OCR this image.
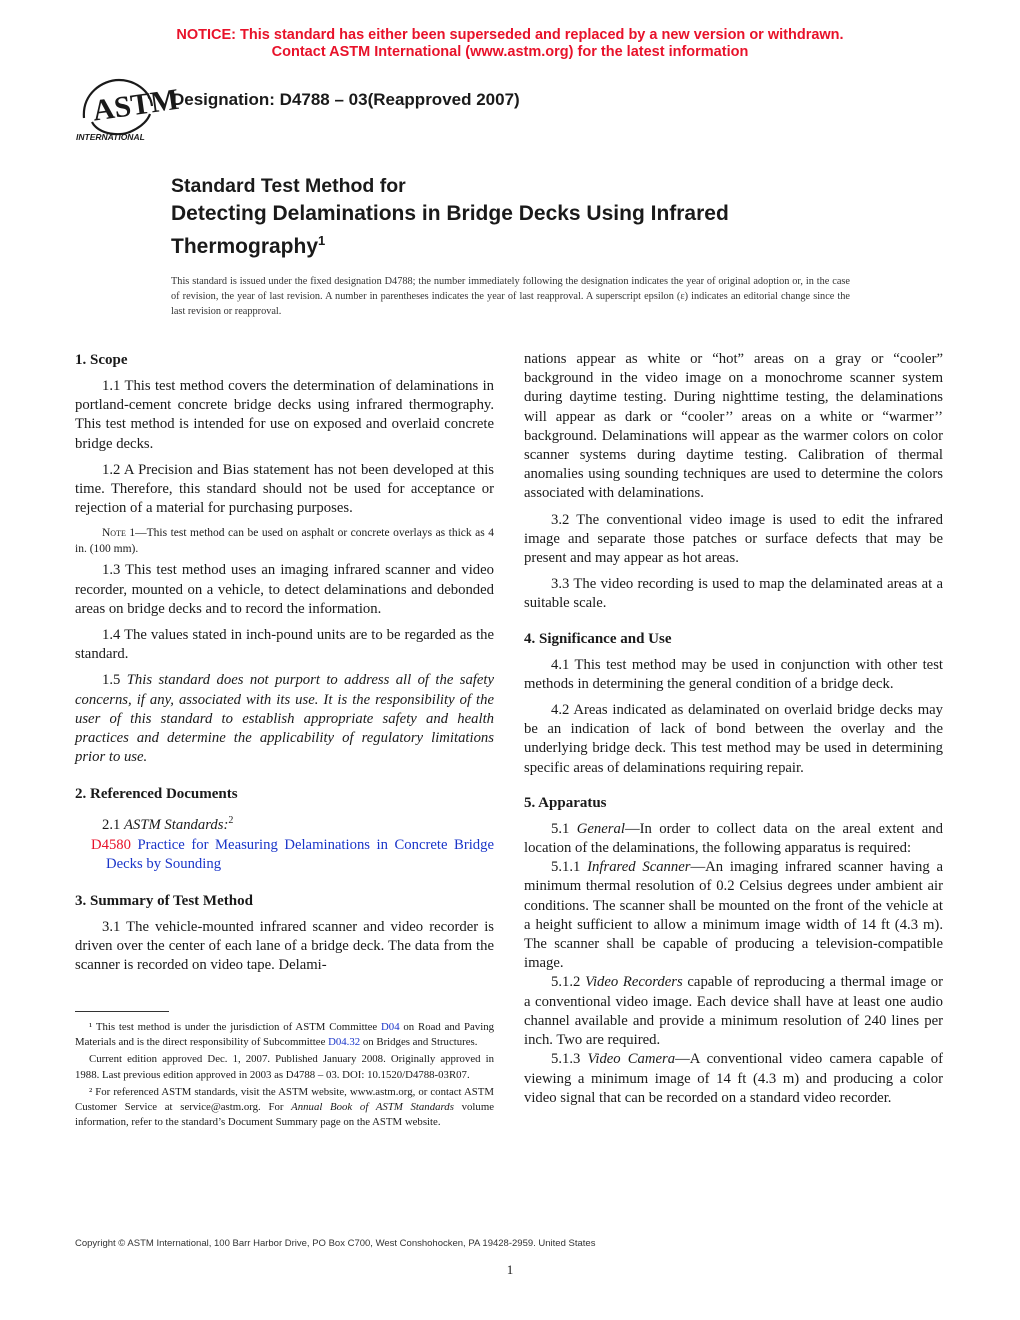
NOTICE: This standard has either been superseded and replaced by a new version or withdrawn.
Contact ASTM International (www.astm.org) for the latest information
ASTM
INTERNATIONAL
Designation: D4788 – 03(Reapproved 2007)
Standard Test Method for
Detecting Delaminations in Bridge Decks Using Infrared Thermography$^1$
This standard is issued under the fixed designation D4788; the number immediately following the designation indicates the year of original adoption or, in the case of revision, the year of last revision. A number in parentheses indicates the year of last reapproval. A superscript epsilon (ε) indicates an editorial change since the last revision or reapproval.
1. Scope

1.1 This test method covers the determination of delaminations in portland-cement concrete bridge decks using infrared thermography. This test method is intended for use on exposed and overlaid concrete bridge decks.

1.2 A Precision and Bias statement has not been developed at this time. Therefore, this standard should not be used for acceptance or rejection of a material for purchasing purposes.

Note 1—This test method can be used on asphalt or concrete overlays as thick as 4 in. (100 mm).

1.3 This test method uses an imaging infrared scanner and video recorder, mounted on a vehicle, to detect delaminations and debonded areas on bridge decks and to record the information.

1.4 The values stated in inch-pound units are to be regarded as the standard.

1.5 This standard does not purport to address all of the safety concerns, if any, associated with its use. It is the responsibility of the user of this standard to establish appropriate safety and health practices and determine the applicability of regulatory limitations prior to use.

2. Referenced Documents

2.1 ASTM Standards:$^2$

D4580 Practice for Measuring Delaminations in Concrete Bridge Decks by Sounding

3. Summary of Test Method

3.1 The vehicle-mounted infrared scanner and video recorder is driven over the center of each lane of a bridge deck. The data from the scanner is recorded on video tape. Delami-

¹ This test method is under the jurisdiction of ASTM Committee D04 on Road and Paving Materials and is the direct responsibility of Subcommittee D04.32 on Bridges and Structures.

Current edition approved Dec. 1, 2007. Published January 2008. Originally approved in 1988. Last previous edition approved in 2003 as D4788 – 03. DOI: 10.1520/D4788-03R07.

² For referenced ASTM standards, visit the ASTM website, www.astm.org, or contact ASTM Customer Service at service@astm.org. For Annual Book of ASTM Standards volume information, refer to the standard’s Document Summary page on the ASTM website.

nations appear as white or “hot” areas on a gray or “cooler” background in the video image on a monochrome scanner system during daytime testing. During nighttime testing, the delaminations will appear as dark or “cooler’’ areas on a white or “warmer’’ background. Delaminations will appear as the warmer colors on color scanner systems during daytime testing. Calibration of thermal anomalies using sounding techniques are used to determine the colors associated with delaminations.

3.2 The conventional video image is used to edit the infrared image and separate those patches or surface defects that may be present and may appear as hot areas.

3.3 The video recording is used to map the delaminated areas at a suitable scale.

4. Significance and Use

4.1 This test method may be used in conjunction with other test methods in determining the general condition of a bridge deck.

4.2 Areas indicated as delaminated on overlaid bridge decks may be an indication of lack of bond between the overlay and the underlying bridge deck. This test method may be used in determining specific areas of delaminations requiring repair.

5. Apparatus

5.1 General—In order to collect data on the areal extent and location of the delaminations, the following apparatus is required:

5.1.1 Infrared Scanner—An imaging infrared scanner having a minimum thermal resolution of 0.2 Celsius degrees under ambient air conditions. The scanner shall be mounted on the front of the vehicle at a height sufficient to allow a minimum image width of 14 ft (4.3 m). The scanner shall be capable of producing a television-compatible image.

5.1.2 Video Recorders capable of reproducing a thermal image or a conventional video image. Each device shall have at least one audio channel available and provide a minimum resolution of 240 lines per inch. Two are required.

5.1.3 Video Camera—A conventional video camera capable of viewing a minimum image of 14 ft (4.3 m) and producing a color video signal that can be recorded on a standard video recorder.

Copyright © ASTM International, 100 Barr Harbor Drive, PO Box C700, West Conshohocken, PA 19428-2959. United States
1
